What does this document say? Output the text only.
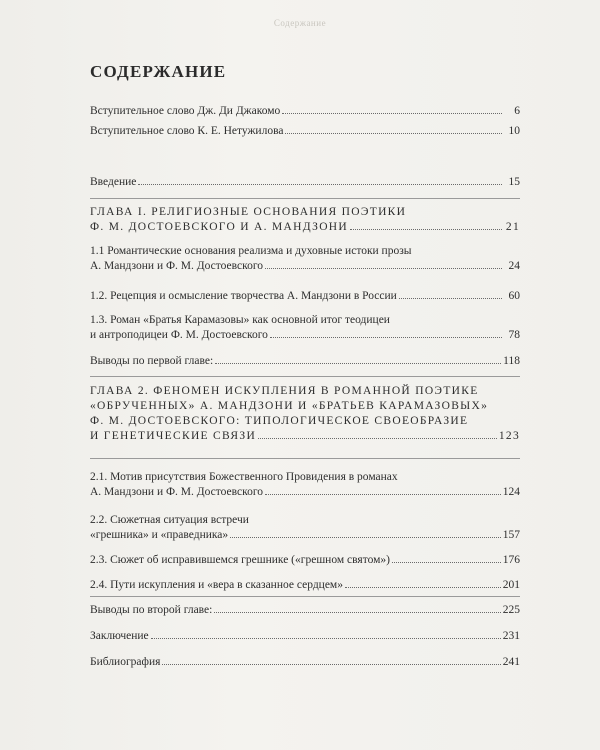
Содержание
СОДЕРЖАНИЕ
Вступительное слово Дж. Ди Джакомо	6
Вступительное слово К. Е. Нетужилова	10
Введение	15
ГЛАВА I. РЕЛИГИОЗНЫЕ ОСНОВАНИЯ ПОЭТИКИ
Ф. М. ДОСТОЕВСКОГО И А. МАНДЗОНИ	21
1.1 Романтические основания реализма и духовные истоки прозы
А. Мандзони и Ф. М. Достоевского	24
1.2. Рецепция и осмысление творчества А. Мандзони в России	60
1.3. Роман «Братья Карамазовы» как основной итог теодицеи
и антроподицеи Ф. М. Достоевского	78
Выводы по первой главе:	118
ГЛАВА 2. ФЕНОМЕН ИСКУПЛЕНИЯ В РОМАННОЙ ПОЭТИКЕ
«ОБРУЧЕННЫХ» А. МАНДЗОНИ И «БРАТЬЕВ КАРАМАЗОВЫХ»
Ф. М. ДОСТОЕВСКОГО: ТИПОЛОГИЧЕСКОЕ СВОЕОБРАЗИЕ
И ГЕНЕТИЧЕСКИЕ СВЯЗИ	123
2.1. Мотив присутствия Божественного Провидения в романах
А. Мандзони и Ф. М. Достоевского	124
2.2. Сюжетная ситуация встречи
«грешника» и «праведника»	157
2.3. Сюжет об исправившемся грешнике («грешном святом»)	176
2.4. Пути искупления и «вера в сказанное сердцем»	201
Выводы по второй главе:	225
Заключение	231
Библиография	241
